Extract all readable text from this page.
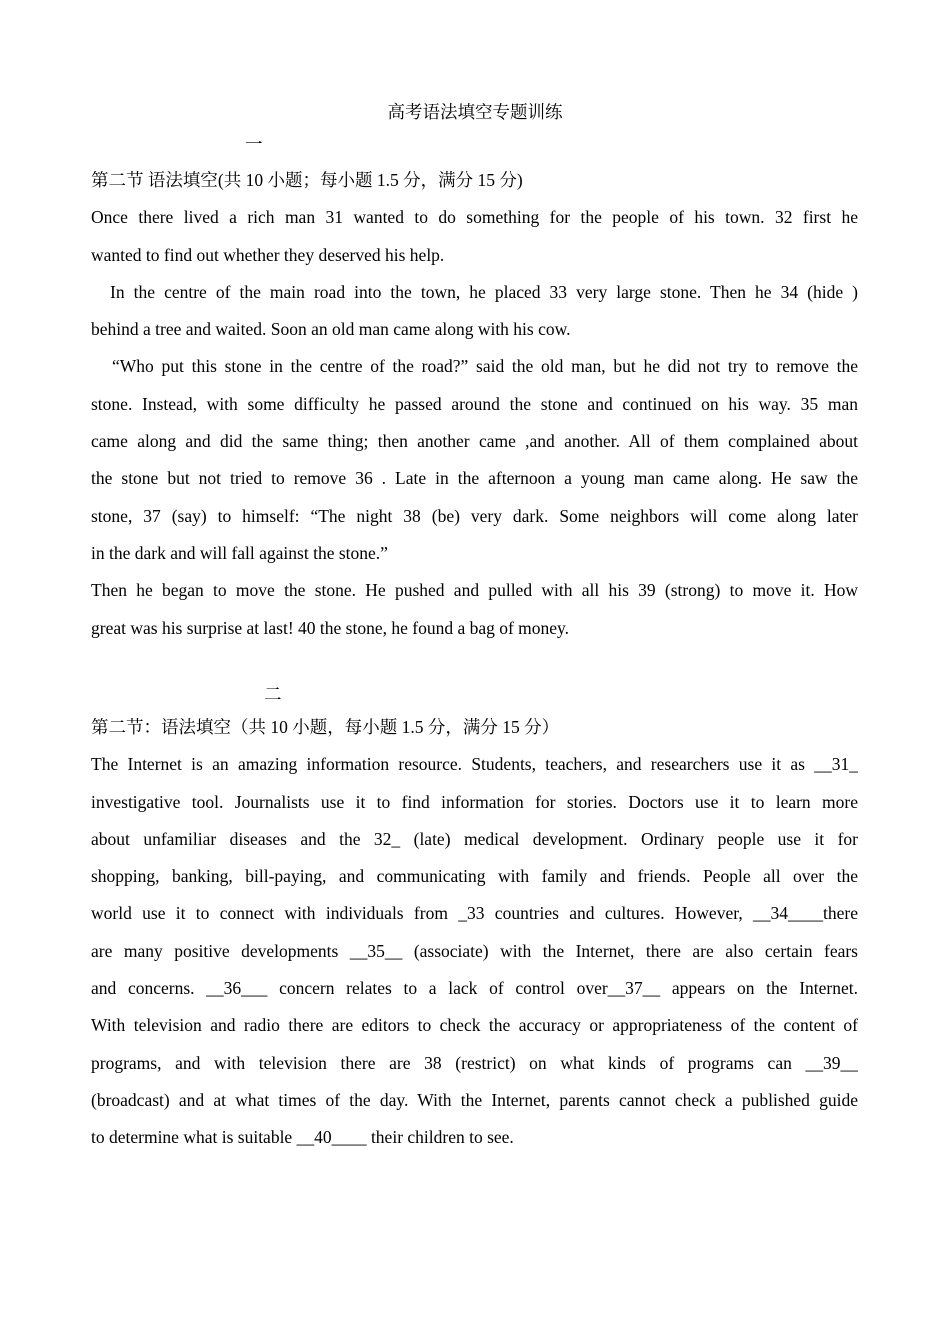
高考语法填空专题训练
一
第二节 语法填空(共 10 小题；每小题 1.5 分，满分 15 分)
Once there lived a rich man 31 wanted to do something for the people of his town. 32 first he
wanted to find out whether they deserved his help.
In the centre of the main road into the town, he placed 33 very large stone. Then he 34 (hide )
behind a tree and waited. Soon an old man came along with his cow.
“Who put this stone in the centre of the road?” said the old man, but he did not try to remove the
stone. Instead, with some difficulty he passed around the stone and continued on his way. 35 man
came along and did the same thing; then another came ,and another. All of them complained about
the stone but not tried to remove 36 . Late in the afternoon a young man came along. He saw the
stone, 37 (say) to himself: “The night 38 (be) very dark. Some neighbors will come along later
in the dark and will fall against the stone.”
Then he began to move the stone. He pushed and pulled with all his 39 (strong) to move it. How
great was his surprise at last! 40 the stone, he found a bag of money.
二
第二节：语法填空（共 10 小题，每小题 1.5 分，满分 15 分）
The Internet is an amazing information resource. Students, teachers, and researchers use it as __31_
investigative tool. Journalists use it to find information for stories. Doctors use it to learn more
about unfamiliar diseases and the 32_ (late) medical development. Ordinary people use it for
shopping, banking, bill-paying, and communicating with family and friends. People all over the
world use it to connect with individuals from _33 countries and cultures. However, __34____there
are many positive developments __35__ (associate) with the Internet, there are also certain fears
and concerns. __36___ concern relates to a lack of control over__37__ appears on the Internet.
With television and radio there are editors to check the accuracy or appropriateness of the content of
programs, and with television there are 38 (restrict) on what kinds of programs can __39__
(broadcast) and at what times of the day. With the Internet, parents cannot check a published guide
to determine what is suitable __40____ their children to see.
